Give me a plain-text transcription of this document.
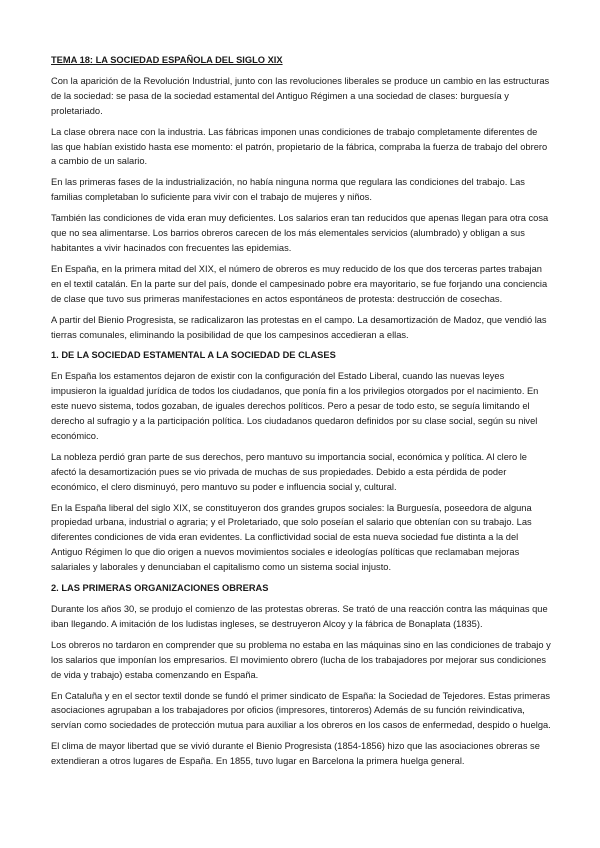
TEMA 18: LA SOCIEDAD ESPAÑOLA DEL SIGLO XIX

Con la aparición de la Revolución Industrial, junto con las revoluciones liberales se produce un cambio en las estructuras de la sociedad: se pasa de la sociedad estamental del Antiguo Régimen a una sociedad de clases: burguesía y proletariado.

La clase obrera nace con la industria. Las fábricas imponen unas condiciones de trabajo completamente diferentes de las que habían existido hasta ese momento: el patrón, propietario de la fábrica, compraba la fuerza de trabajo del obrero a cambio de un salario.

En las primeras fases de la industrialización, no había ninguna norma que regulara las condiciones del trabajo. Las familias completaban lo suficiente para vivir con el trabajo de mujeres y niños.

También las condiciones de vida eran muy deficientes. Los salarios eran tan reducidos que apenas llegan para otra cosa que no sea alimentarse. Los barrios obreros carecen de los más elementales servicios (alumbrado) y obligan a sus habitantes a vivir hacinados con frecuentes las epidemias.

En España, en la primera mitad del XIX, el número de obreros es muy reducido de los que dos terceras partes trabajan en el textil catalán. En la parte sur del país, donde el campesinado pobre era mayoritario, se fue forjando una conciencia de clase que tuvo sus primeras manifestaciones en actos espontáneos de protesta: destrucción de cosechas.

A partir del Bienio Progresista, se radicalizaron las protestas en el campo. La desamortización de Madoz, que vendió las tierras comunales, eliminando la posibilidad de que los campesinos accedieran a ellas.

1. DE LA SOCIEDAD ESTAMENTAL A LA SOCIEDAD DE CLASES

En España los estamentos dejaron de existir con la configuración del Estado Liberal, cuando las nuevas leyes impusieron la igualdad jurídica de todos los ciudadanos, que ponía fin a los privilegios otorgados por el nacimiento. En este nuevo sistema, todos gozaban, de iguales derechos políticos. Pero a pesar de todo esto, se seguía limitando el derecho al sufragio y a la participación política. Los ciudadanos quedaron definidos por su clase social, según su nivel económico.

La nobleza perdió gran parte de sus derechos, pero mantuvo su importancia social, económica y política. Al clero le afectó la desamortización pues se vio privada de muchas de sus propiedades. Debido a esta pérdida de poder económico, el clero disminuyó, pero mantuvo su poder e influencia social y, cultural.

En la España liberal del siglo XIX, se constituyeron dos grandes grupos sociales: la Burguesía, poseedora de alguna propiedad urbana, industrial o agraria; y el Proletariado, que solo poseían el salario que obtenían con su trabajo. Las diferentes condiciones de vida eran evidentes. La conflictividad social de esta nueva sociedad fue distinta a la del Antiguo Régimen lo que dio origen a nuevos movimientos sociales e ideologías políticas que reclamaban mejoras salariales y laborales y denunciaban el capitalismo como un sistema social injusto.

2. LAS PRIMERAS ORGANIZACIONES OBRERAS

Durante los años 30, se produjo el comienzo de las protestas obreras. Se trató de una reacción contra las máquinas que iban llegando. A imitación de los ludistas ingleses, se destruyeron Alcoy y la fábrica de Bonaplata (1835).

Los obreros no tardaron en comprender que su problema no estaba en las máquinas sino en las condiciones de trabajo y los salarios que imponían los empresarios. El movimiento obrero (lucha de los trabajadores por mejorar sus condiciones de vida y trabajo) estaba comenzando en España.

En Cataluña y en el sector textil donde se fundó el primer sindicato de España: la Sociedad de Tejedores. Estas primeras asociaciones agrupaban a los trabajadores por oficios (impresores, tintoreros) Además de su función reivindicativa, servían como sociedades de protección mutua para auxiliar a los obreros en los casos de enfermedad, despido o huelga.

El clima de mayor libertad que se vivió durante el Bienio Progresista (1854-1856) hizo que las asociaciones obreras se extendieran a otros lugares de España. En 1855, tuvo lugar en Barcelona la primera huelga general.
